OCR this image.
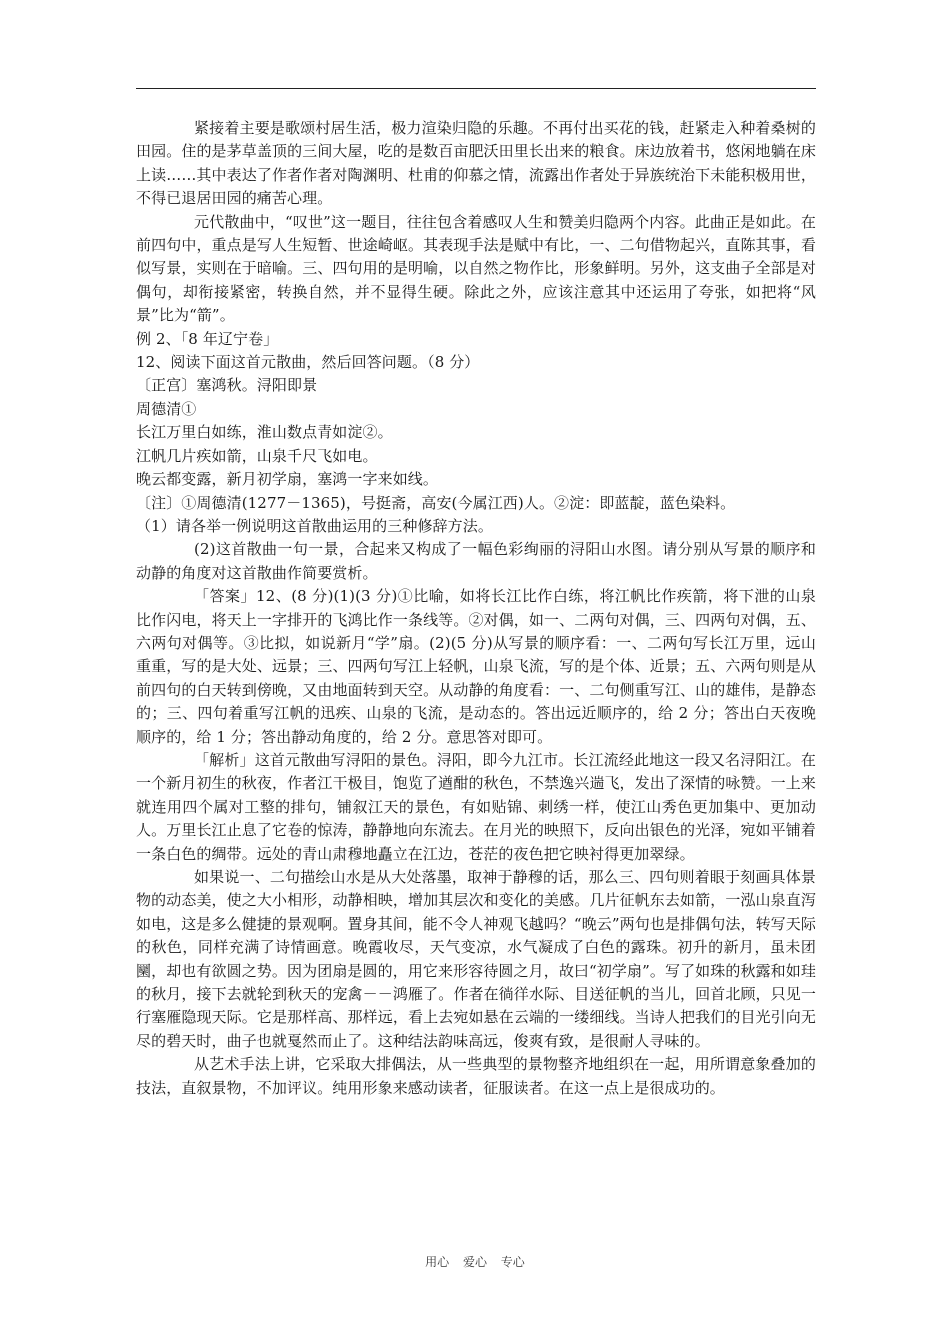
紧接着主要是歌颂村居生活，极力渲染归隐的乐趣。不再付出买花的钱，赶紧走入种着桑树的田园。住的是茅草盖顶的三间大屋，吃的是数百亩肥沃田里长出来的粮食。床边放着书，悠闲地躺在床上读……其中表达了作者作者对陶渊明、杜甫的仰慕之情，流露出作者处于异族统治下未能积极用世，不得已退居田园的痛苦心理。

元代散曲中，“叹世”这一题目，往往包含着感叹人生和赞美归隐两个内容。此曲正是如此。在前四句中，重点是写人生短暂、世途崎岖。其表现手法是赋中有比，一、二句借物起兴，直陈其事，看似写景，实则在于暗喻。三、四句用的是明喻，以自然之物作比，形象鲜明。另外，这支曲子全部是对偶句，却衔接紧密，转换自然，并不显得生硬。除此之外，应该注意其中还运用了夸张，如把将“风景”比为“箭”。

例 2、「8 年辽宁卷」

12、阅读下面这首元散曲，然后回答问题。（8 分）

〔正宫〕塞鸿秋。浔阳即景

周德清①

长江万里白如练，淮山数点青如淀②。

江帆几片疾如箭，山泉千尺飞如电。

晚云都变露，新月初学扇，塞鸿一字来如线。

〔注〕①周德清(1277－1365)，号挺斋，高安(今属江西)人。②淀：即蓝靛，蓝色染料。

（1）请各举一例说明这首散曲运用的三种修辞方法。

(2)这首散曲一句一景，合起来又构成了一幅色彩绚丽的浔阳山水图。请分别从写景的顺序和动静的角度对这首散曲作简要赏析。

「答案」12、(8 分)(1)(3 分)①比喻，如将长江比作白练，将江帆比作疾箭，将下泄的山泉比作闪电，将天上一字排开的飞鸿比作一条线等。②对偶，如一、二两句对偶，三、四两句对偶，五、六两句对偶等。③比拟，如说新月“学”扇。(2)(5 分)从写景的顺序看：一、二两句写长江万里，远山重重，写的是大处、远景；三、四两句写江上轻帆，山泉飞流，写的是个体、近景；五、六两句则是从前四句的白天转到傍晚，又由地面转到天空。从动静的角度看：一、二句侧重写江、山的雄伟，是静态的；三、四句着重写江帆的迅疾、山泉的飞流，是动态的。答出远近顺序的，给 2 分；答出白天夜晚顺序的，给 1 分；答出静动角度的，给 2 分。意思答对即可。

「解析」这首元散曲写浔阳的景色。浔阳，即今九江市。长江流经此地这一段又名浔阳江。在一个新月初生的秋夜，作者江干极目，饱览了遒酣的秋色，不禁逸兴遄飞，发出了深情的咏赞。一上来就连用四个属对工整的排句，铺叙江天的景色，有如贴锦、刺绣一样，使江山秀色更加集中、更加动人。万里长江止息了它卷的惊涛，静静地向东流去。在月光的映照下，反向出银色的光泽，宛如平铺着一条白色的绸带。远处的青山肃穆地矗立在江边，苍茫的夜色把它映衬得更加翠绿。

如果说一、二句描绘山水是从大处落墨，取神于静穆的话，那么三、四句则着眼于刻画具体景物的动态美，使之大小相形，动静相映，增加其层次和变化的美感。几片征帆东去如箭，一泓山泉直泻如电，这是多么健捷的景观啊。置身其间，能不令人神观飞越吗？“晚云”两句也是排偶句法，转写天际的秋色，同样充满了诗情画意。晚霞收尽，天气变凉，水气凝成了白色的露珠。初升的新月，虽未团圞，却也有欲圆之势。因为团扇是圆的，用它来形容待圆之月，故曰“初学扇”。写了如珠的秋露和如珪的秋月，接下去就轮到秋天的宠禽－－鸿雁了。作者在徜徉水际、目送征帆的当儿，回首北顾，只见一行塞雁隐现天际。它是那样高、那样远，看上去宛如悬在云端的一缕细线。当诗人把我们的目光引向无尽的碧天时，曲子也就戛然而止了。这种结法韵味高远，俊爽有致，是很耐人寻味的。

从艺术手法上讲，它采取大排偶法，从一些典型的景物整齐地组织在一起，用所谓意象叠加的技法，直叙景物，不加评议。纯用形象来感动读者，征服读者。在这一点上是很成功的。

用心 爱心 专心
